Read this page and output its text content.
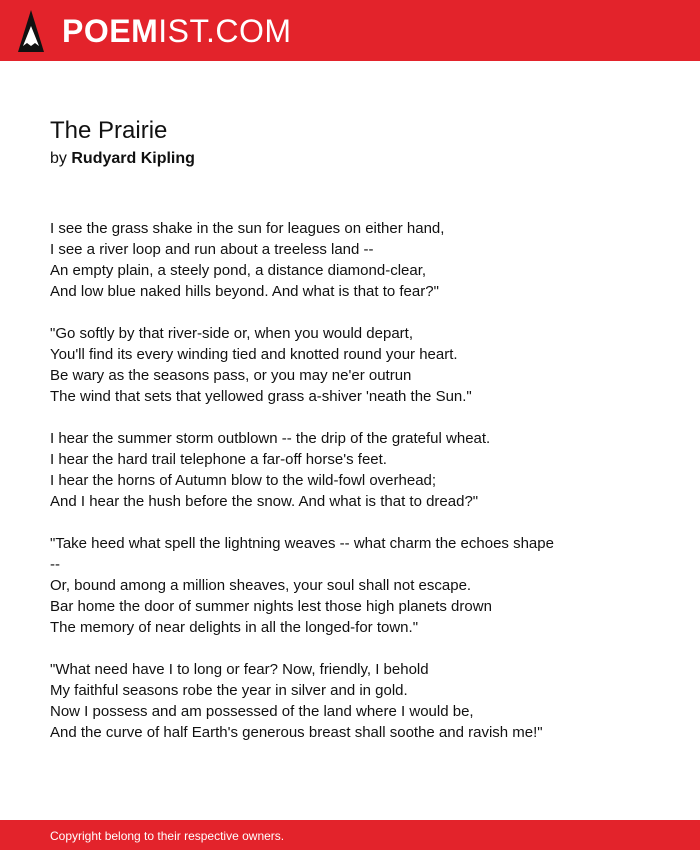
POEMIST.COM
The Prairie
by Rudyard Kipling
I see the grass shake in the sun for leagues on either hand,
I see a river loop and run about a treeless land --
An empty plain, a steely pond, a distance diamond-clear,
And low blue naked hills beyond. And what is that to fear?"
"Go softly by that river-side or, when you would depart,
You'll find its every winding tied and knotted round your heart.
Be wary as the seasons pass, or you may ne'er outrun
The wind that sets that yellowed grass a-shiver 'neath the Sun."
I hear the summer storm outblown -- the drip of the grateful wheat.
I hear the hard trail telephone a far-off horse's feet.
I hear the horns of Autumn blow to the wild-fowl overhead;
And I hear the hush before the snow. And what is that to dread?"
"Take heed what spell the lightning weaves -- what charm the echoes shape
--
Or, bound among a million sheaves, your soul shall not escape.
Bar home the door of summer nights lest those high planets drown
The memory of near delights in all the longed-for town."
"What need have I to long or fear? Now, friendly, I behold
My faithful seasons robe the year in silver and in gold.
Now I possess and am possessed of the land where I would be,
And the curve of half Earth's generous breast shall soothe and ravish me!"
Copyright belong to their respective owners.
